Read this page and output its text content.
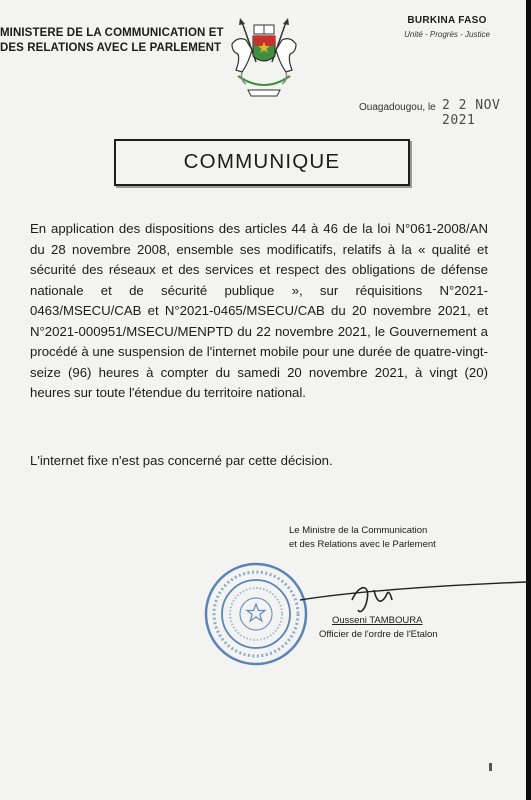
MINISTERE DE LA COMMUNICATION ET
DES RELATIONS AVEC LE PARLEMENT
BURKINA FASO
Unité - Progrès - Justice
Ouagadougou, le 2 2 NOV 2021
COMMUNIQUE
En application des dispositions des articles 44 à 46 de la loi N°061-2008/AN du 28 novembre 2008, ensemble ses modificatifs, relatifs à la « qualité et sécurité des réseaux et des services et respect des obligations de défense nationale et de sécurité publique », sur réquisitions N°2021-0463/MSECU/CAB et N°2021-0465/MSECU/CAB du 20 novembre 2021, et N°2021-000951/MSECU/MENPTD du 22 novembre 2021, le Gouvernement a procédé à une suspension de l'internet mobile pour une durée de quatre-vingt-seize (96) heures à compter du samedi 20 novembre 2021, à vingt (20) heures sur toute l'étendue du territoire national.
L'internet fixe n'est pas concerné par cette décision.
Le Ministre de la Communication
et des Relations avec le Parlement
Ousseni TAMBOURA
Officier de l'ordre de l'Etalon
